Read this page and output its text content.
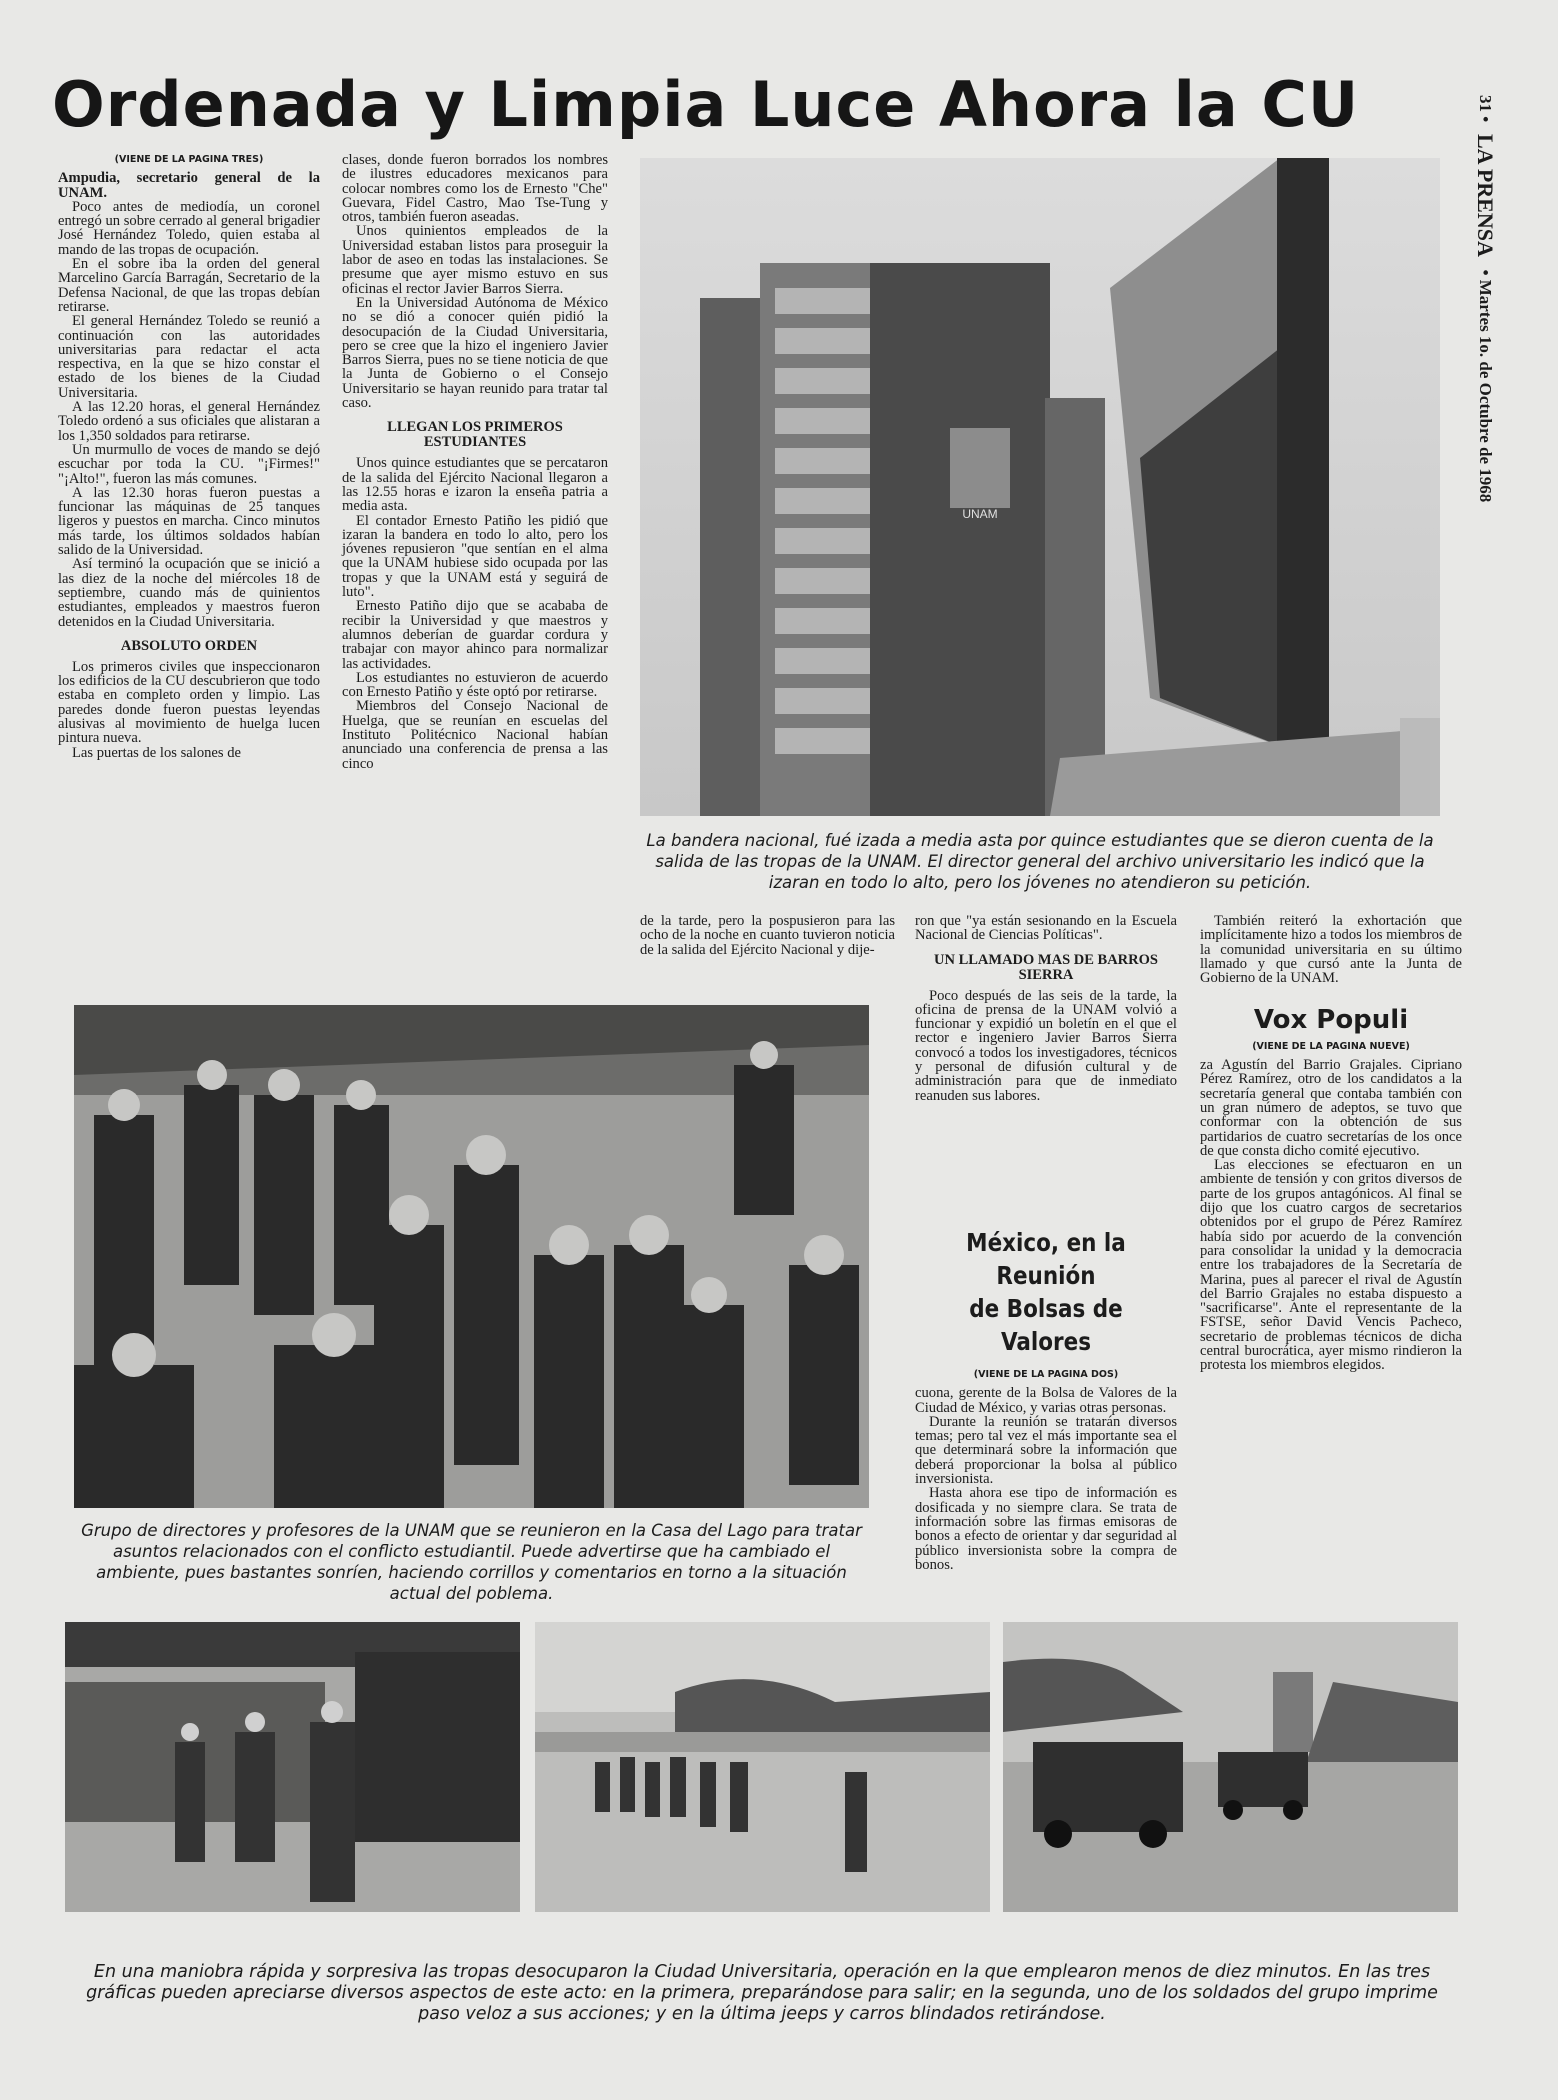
Ordenada y Limpia Luce Ahora la CU	31 • LA PRENSA • Martes 1o. de Octubre de 1968
(VIENE DE LA PAGINA TRES)

Ampudia, secretario general de la UNAM.

Poco antes de mediodía, un coronel entregó un sobre cerrado al general brigadier José Hernández Toledo, quien estaba al mando de las tropas de ocupación.

En el sobre iba la orden del general Marcelino García Barragán, Secretario de la Defensa Nacional, de que las tropas debían retirarse.

El general Hernández Toledo se reunió a continuación con las autoridades universitarias para redactar el acta respectiva, en la que se hizo constar el estado de los bienes de la Ciudad Universitaria.

A las 12.20 horas, el general Hernández Toledo ordenó a sus oficiales que alistaran a los 1,350 soldados para retirarse.

Un murmullo de voces de mando se dejó escuchar por toda la CU. "¡Firmes!" "¡Alto!", fueron las más comunes.

A las 12.30 horas fueron puestas a funcionar las máquinas de 25 tanques ligeros y puestos en marcha. Cinco minutos más tarde, los últimos soldados habían salido de la Universidad.

Así terminó la ocupación que se inició a las diez de la noche del miércoles 18 de septiembre, cuando más de quinientos estudiantes, empleados y maestros fueron detenidos en la Ciudad Universitaria.

ABSOLUTO ORDEN

Los primeros civiles que inspeccionaron los edificios de la CU descubrieron que todo estaba en completo orden y limpio. Las paredes donde fueron puestas leyendas alusivas al movimiento de huelga lucen pintura nueva.

Las puertas de los salones de

clases, donde fueron borrados los nombres de ilustres educadores mexicanos para colocar nombres como los de Ernesto "Che" Guevara, Fidel Castro, Mao Tse-Tung y otros, también fueron aseadas.

Unos quinientos empleados de la Universidad estaban listos para proseguir la labor de aseo en todas las instalaciones. Se presume que ayer mismo estuvo en sus oficinas el rector Javier Barros Sierra.

En la Universidad Autónoma de México no se dió a conocer quién pidió la desocupación de la Ciudad Universitaria, pero se cree que la hizo el ingeniero Javier Barros Sierra, pues no se tiene noticia de que la Junta de Gobierno o el Consejo Universitario se hayan reunido para tratar tal caso.

LLEGAN LOS PRIMEROS ESTUDIANTES

Unos quince estudiantes que se percataron de la salida del Ejército Nacional llegaron a las 12.55 horas e izaron la enseña patria a media asta.

El contador Ernesto Patiño les pidió que izaran la bandera en todo lo alto, pero los jóvenes repusieron "que sentían en el alma que la UNAM hubiese sido ocupada por las tropas y que la UNAM está y seguirá de luto".

Ernesto Patiño dijo que se acababa de recibir la Universidad y que maestros y alumnos deberían de guardar cordura y trabajar con mayor ahinco para normalizar las actividades.

Los estudiantes no estuvieron de acuerdo con Ernesto Patiño y éste optó por retirarse.

Miembros del Consejo Nacional de Huelga, que se reunían en escuelas del Instituto Politécnico Nacional habían anunciado una conferencia de prensa a las cinco

UNAM
La bandera nacional, fué izada a media asta por quince estudiantes que se dieron cuenta de la salida de las tropas de la UNAM. El director general del archivo universitario les indicó que la izaran en todo lo alto, pero los jóvenes no atendieron su petición.

de la tarde, pero la pospusieron para las ocho de la noche en cuanto tuvieron noticia de la salida del Ejército Nacional y dije-

ron que "ya están sesionando en la Escuela Nacional de Ciencias Políticas".

UN LLAMADO MAS DE BARROS SIERRA

Poco después de las seis de la tarde, la oficina de prensa de la UNAM volvió a funcionar y expidió un boletín en el que el rector e ingeniero Javier Barros Sierra convocó a todos los investigadores, técnicos y personal de difusión cultural y de administración para que de inmediato reanuden sus labores.

México, en la Reunión
de Bolsas de Valores
(VIENE DE LA PAGINA DOS)

cuona, gerente de la Bolsa de Valores de la Ciudad de México, y varias otras personas.

Durante la reunión se tratarán diversos temas; pero tal vez el más importante sea el que determinará sobre la información que deberá proporcionar la bolsa al público inversionista.

Hasta ahora ese tipo de información es dosificada y no siempre clara. Se trata de información sobre las firmas emisoras de bonos a efecto de orientar y dar seguridad al público inversionista sobre la compra de bonos.

También reiteró la exhortación que implícitamente hizo a todos los miembros de la comunidad universitaria en su último llamado y que cursó ante la Junta de Gobierno de la UNAM.

Vox Populi
(VIENE DE LA PAGINA NUEVE)

za Agustín del Barrio Grajales. Cipriano Pérez Ramírez, otro de los candidatos a la secretaría general que contaba también con un gran número de adeptos, se tuvo que conformar con la obtención de sus partidarios de cuatro secretarías de los once de que consta dicho comité ejecutivo.

Las elecciones se efectuaron en un ambiente de tensión y con gritos diversos de parte de los grupos antagónicos. Al final se dijo que los cuatro cargos de secretarios obtenidos por el grupo de Pérez Ramírez había sido por acuerdo de la convención para consolidar la unidad y la democracia entre los trabajadores de la Secretaría de Marina, pues al parecer el rival de Agustín del Barrio Grajales no estaba dispuesto a "sacrificarse". Ante el representante de la FSTSE, señor David Vencis Pacheco, secretario de problemas técnicos de dicha central burocrática, ayer mismo rindieron la protesta los miembros elegidos.

Grupo de directores y profesores de la UNAM que se reunieron en la Casa del Lago para tratar asuntos relacionados con el conflicto estudiantil. Puede advertirse que ha cambiado el ambiente, pues bastantes sonríen, haciendo corrillos y comentarios en torno a la situación actual del poblema.
En una maniobra rápida y sorpresiva las tropas desocuparon la Ciudad Universitaria, operación en la que emplearon menos de diez minutos. En las tres gráficas pueden apreciarse diversos aspectos de este acto: en la primera, preparándose para salir; en la segunda, uno de los soldados del grupo imprime paso veloz a sus acciones; y en la última jeeps y carros blindados retirándose.
